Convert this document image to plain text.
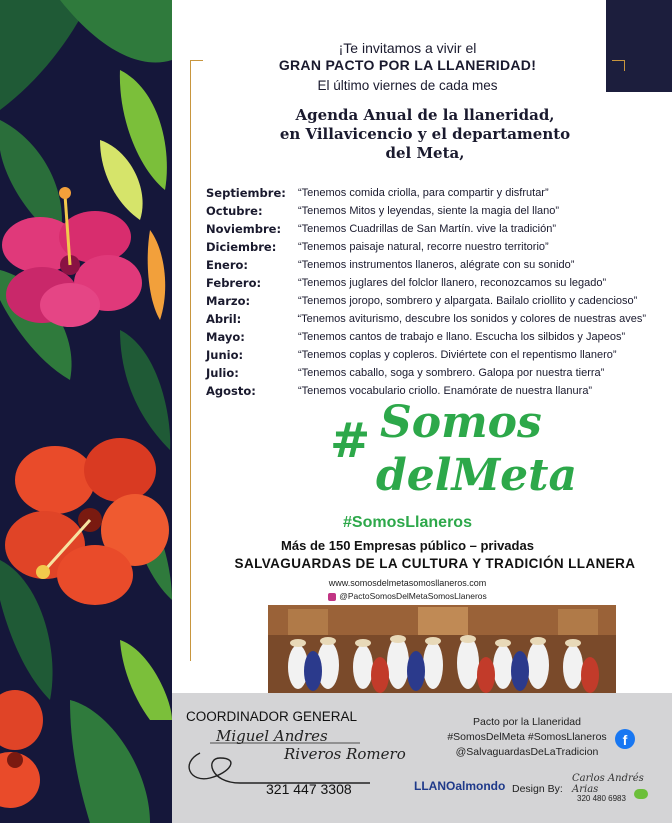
¡Te invitamos a vivir el
GRAN PACTO POR LA LLANERIDAD!
El último viernes de cada mes
Agenda Anual de la llaneridad,
en Villavicencio y el departamento
del Meta,
Septiembre:	“Tenemos comida criolla, para compartir y disfrutar”
Octubre:	“Tenemos Mitos y leyendas, siente la magia del llano”
Noviembre:	“Tenemos Cuadrillas de San Martín. vive la tradición”
Diciembre:	“Tenemos paisaje natural, recorre nuestro territorio”
Enero:	“Tenemos instrumentos llaneros, alégrate con su sonido”
Febrero:	“Tenemos juglares del folclor llanero, reconozcamos su legado”
Marzo:	“Tenemos joropo, sombrero y alpargata. Bailalo criollito y cadencioso”
Abril:	“Tenemos aviturismo, descubre los sonidos y colores de nuestras aves”
Mayo:	“Tenemos cantos de trabajo e llano. Escucha los silbidos y Japeos”
Junio:	“Tenemos coplas y copleros. Diviértete con el repentismo llanero”
Julio:	“Tenemos caballo, soga y sombrero. Galopa por nuestra tierra”
Agosto:	“Tenemos vocabulario criollo. Enamórate de nuestra llanura”
# Somos
delMeta
#SomosLlaneros
Más de 150 Empresas público – privadas
SALVAGUARDAS DE LA CULTURA Y TRADICIÓN LLANERA
www.somosdelmetasomosllaneros.com
@PactoSomosDelMetaSomosLlaneros
COORDINADOR GENERAL
Miguel Andres
Riveros Romero
321 447 3308
Pacto por la Llaneridad
#SomosDelMeta #SomosLlaneros
@SalvaguardasDeLaTradicion
f
LLANOalmondo Design By:
Carlos Andrés Arias
320 480 6983
